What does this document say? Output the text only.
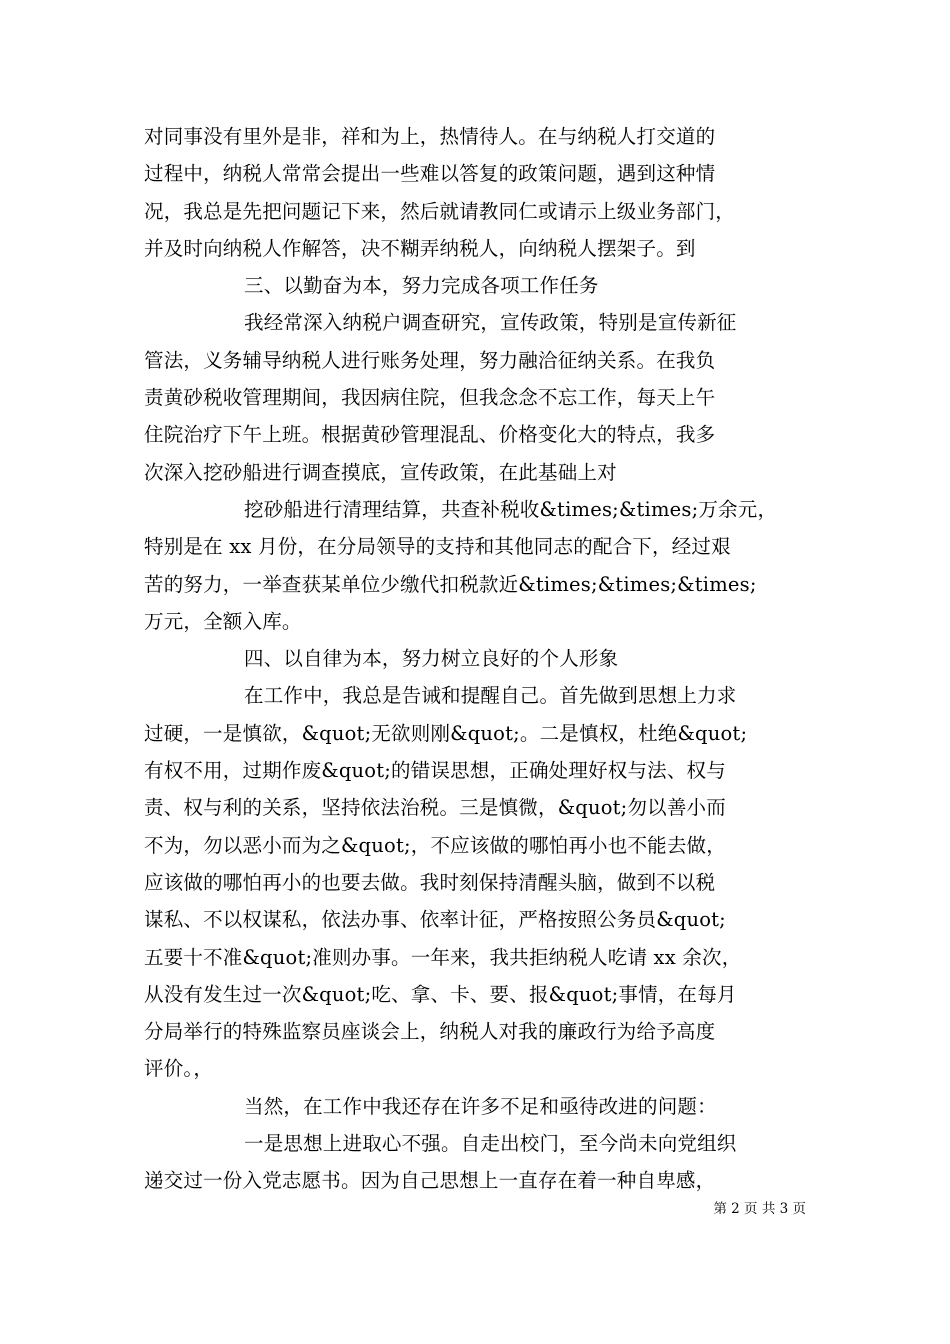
对同事没有里外是非，祥和为上，热情待人。在与纳税人打交道的
过程中，纳税人常常会提出一些难以答复的政策问题，遇到这种情
况，我总是先把问题记下来，然后就请教同仁或请示上级业务部门，
并及时向纳税人作解答，决不糊弄纳税人，向纳税人摆架子。到
三、以勤奋为本，努力完成各项工作任务
我经常深入纳税户调查研究，宣传政策，特别是宣传新征
管法，义务辅导纳税人进行账务处理，努力融洽征纳关系。在我负
责黄砂税收管理期间，我因病住院，但我念念不忘工作，每天上午
住院治疗下午上班。根据黄砂管理混乱、价格变化大的特点，我多
次深入挖砂船进行调查摸底，宣传政策，在此基础上对
挖砂船进行清理结算，共查补税收&times;&times;万余元，
特别是在 xx 月份，在分局领导的支持和其他同志的配合下，经过艰
苦的努力，一举查获某单位少缴代扣税款近&times;&times;&times;
万元，全额入库。
四、以自律为本，努力树立良好的个人形象
在工作中，我总是告诫和提醒自己。首先做到思想上力求
过硬，一是慎欲，&quot;无欲则刚&quot;。二是慎权，杜绝&quot;
有权不用，过期作废&quot;的错误思想，正确处理好权与法、权与
责、权与利的关系，坚持依法治税。三是慎微，&quot;勿以善小而
不为，勿以恶小而为之&quot;，不应该做的哪怕再小也不能去做，
应该做的哪怕再小的也要去做。我时刻保持清醒头脑，做到不以税
谋私、不以权谋私，依法办事、依率计征，严格按照公务员&quot;
五要十不准&quot;准则办事。一年来，我共拒纳税人吃请 xx 余次，
从没有发生过一次&quot;吃、拿、卡、要、报&quot;事情，在每月
分局举行的特殊监察员座谈会上，纳税人对我的廉政行为给予高度
评价。，
当然，在工作中我还存在许多不足和亟待改进的问题：
一是思想上进取心不强。自走出校门，至今尚未向党组织
递交过一份入党志愿书。因为自己思想上一直存在着一种自卑感，
第 2 页 共 3 页
